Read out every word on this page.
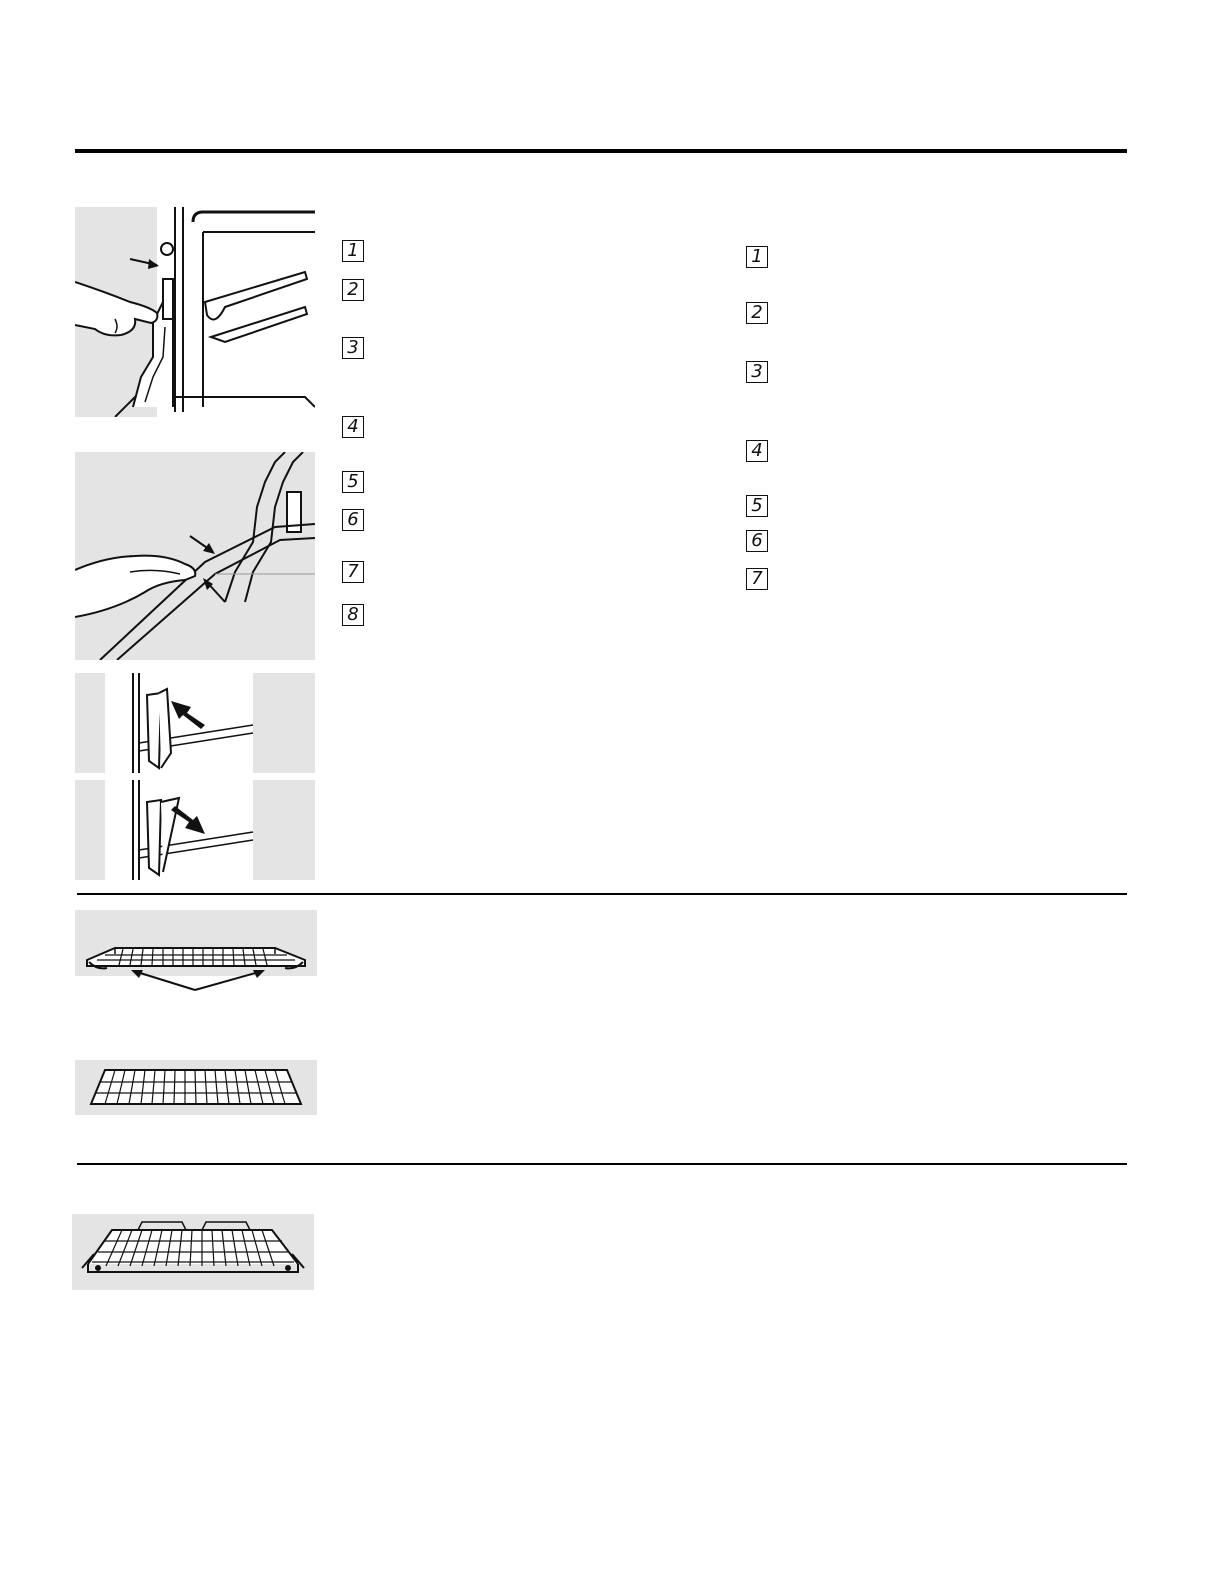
1
2
3
4
5
6
7
8
1
2
3
4
5
6
7
